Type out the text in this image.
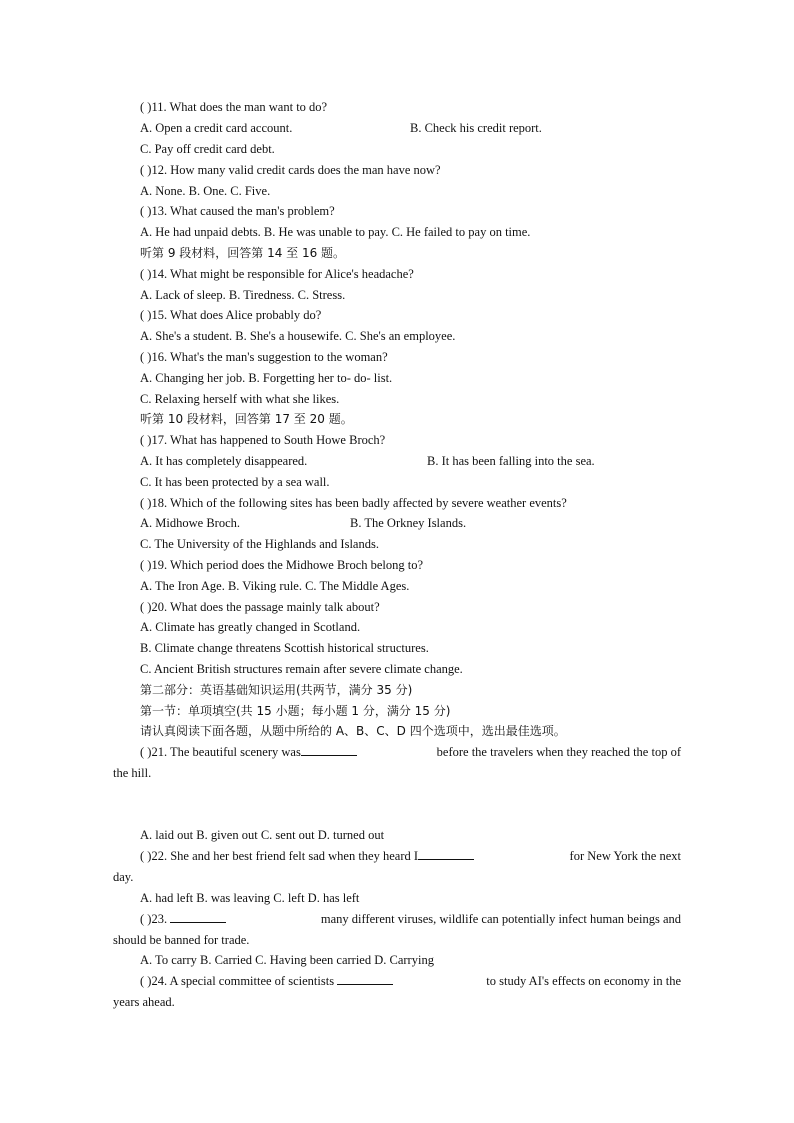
( )11. What does the man want to do?
A. Open a credit card account.	B. Check his credit report.
C. Pay off credit card debt.
( )12. How many valid credit cards does the man have now?
A. None. B. One. C. Five.
( )13. What caused the man's problem?
A. He had unpaid debts. B. He was unable to pay. C. He failed to pay on time.
听第 9 段材料，回答第 14 至 16 题。
( )14. What might be responsible for Alice's headache?
A. Lack of sleep. B. Tiredness. C. Stress.
( )15. What does Alice probably do?
A. She's a student. B. She's a housewife. C. She's an employee.
( )16. What's the man's suggestion to the woman?
A. Changing her job. B. Forgetting her to- do- list.
C. Relaxing herself with what she likes.
听第 10 段材料，回答第 17 至 20 题。
( )17. What has happened to South Howe Broch?
A. It has completely disappeared.	B. It has been falling into the sea.
C. It has been protected by a sea wall.
( )18. Which of the following sites has been badly affected by severe weather events?
A. Midhowe Broch.	B. The Orkney Islands.
C. The University of the Highlands and Islands.
( )19. Which period does the Midhowe Broch belong to?
A. The Iron Age. B. Viking rule. C. The Middle Ages.
( )20. What does the passage mainly talk about?
A. Climate has greatly changed in Scotland.
B. Climate change threatens Scottish historical structures.
C. Ancient British structures remain after severe climate change.
第二部分：英语基础知识运用(共两节，满分 35 分)
第一节：单项填空(共 15 小题；每小题 1 分，满分 15 分)
请认真阅读下面各题，从题中所给的 A、B、C、D 四个选项中，选出最佳选项。
( )21. The beautiful scenery was	before the travelers when they reached the top of
the hill.
A. laid out B. given out C. sent out D. turned out
( )22. She and her best friend felt sad when they heard I	for New York the next
day.
A. had left B. was leaving C. left D. has left
( )23.	many different viruses, wildlife can potentially infect human beings and
should be banned for trade.
A. To carry B. Carried C. Having been carried D. Carrying
( )24. A special committee of scientists	to study AI's effects on economy in the
years ahead.
